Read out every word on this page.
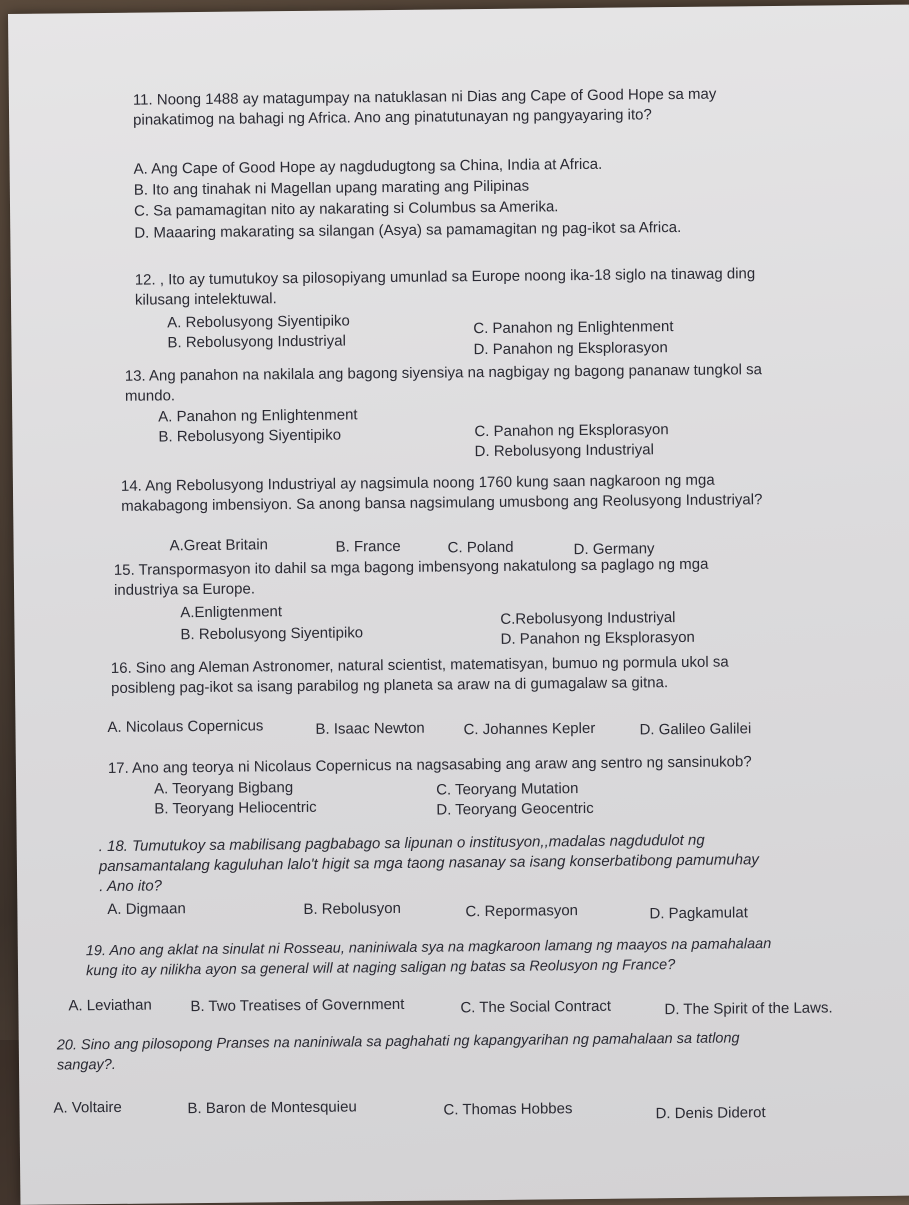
11. Noong 1488 ay matagumpay na natuklasan ni Dias ang Cape of Good Hope sa may

pinakatimog na bahagi ng Africa. Ano ang pinatutunayan ng pangyayaring ito?

A. Ang Cape of Good Hope ay nagdudugtong sa China, India at Africa.
B. Ito ang tinahak ni Magellan upang marating ang Pilipinas
C. Sa pamamagitan nito ay nakarating si Columbus sa Amerika.
D. Maaaring makarating sa silangan (Asya) sa pamamagitan ng pag-ikot sa Africa.

12. , Ito ay tumutukoy sa pilosopiyang umunlad sa Europe noong ika-18 siglo na tinawag ding

kilusang intelektuwal.

A. Rebolusyong Siyentipiko
B. Rebolusyong Industriyal
C. Panahon ng Enlightenment
D. Panahon ng Eksplorasyon

13. Ang panahon na nakilala ang bagong siyensiya na nagbigay ng bagong pananaw tungkol sa

mundo.

A. Panahon ng Enlightenment
B. Rebolusyong Siyentipiko	C. Panahon ng Eksplorasyon
D. Rebolusyong Industriyal

14. Ang Rebolusyong Industriyal ay nagsimula noong 1760 kung saan nagkaroon ng mga

makabagong imbensiyon. Sa anong bansa nagsimulang umusbong ang Reolusyong Industriyal?

A.Great Britain	B. France	C. Poland	D. Germany

15. Transpormasyon ito dahil sa mga bagong imbensyong nakatulong sa paglago ng mga

industriya sa Europe.

A.Enligtenment
B. Rebolusyong Siyentipiko
C.Rebolusyong Industriyal
D. Panahon ng Eksplorasyon

16. Sino ang Aleman Astronomer, natural scientist, matematisyan, bumuo ng pormula ukol sa

posibleng pag-ikot sa isang parabilog ng planeta sa araw na di gumagalaw sa gitna.

A. Nicolaus Copernicus	B. Isaac Newton	C. Johannes Kepler	D. Galileo Galilei

17. Ano ang teorya ni Nicolaus Copernicus na nagsasabing ang araw ang sentro ng sansinukob?

A. Teoryang Bigbang
B. Teoryang Heliocentric
C. Teoryang Mutation
D. Teoryang Geocentric

. 18. Tumutukoy sa mabilisang pagbabago sa lipunan o institusyon,,madalas nagdudulot ng

pansamantalang kaguluhan lalo't higit sa mga taong nasanay sa isang konserbatibong pamumuhay

. Ano ito?

A. Digmaan	B. Rebolusyon	C. Repormasyon	D. Pagkamulat

19. Ano ang aklat na sinulat ni Rosseau, naniniwala sya na magkaroon lamang ng maayos na pamahalaan

kung ito ay nilikha ayon sa general will at naging saligan ng batas sa Reolusyon ng France?

A. Leviathan	B. Two Treatises of Government	C. The Social Contract	D. The Spirit of the Laws.

20. Sino ang pilosopong Pranses na naniniwala sa paghahati ng kapangyarihan ng pamahalaan sa tatlong

sangay?.

A. Voltaire	B. Baron de Montesquieu	C. Thomas Hobbes	D. Denis Diderot
